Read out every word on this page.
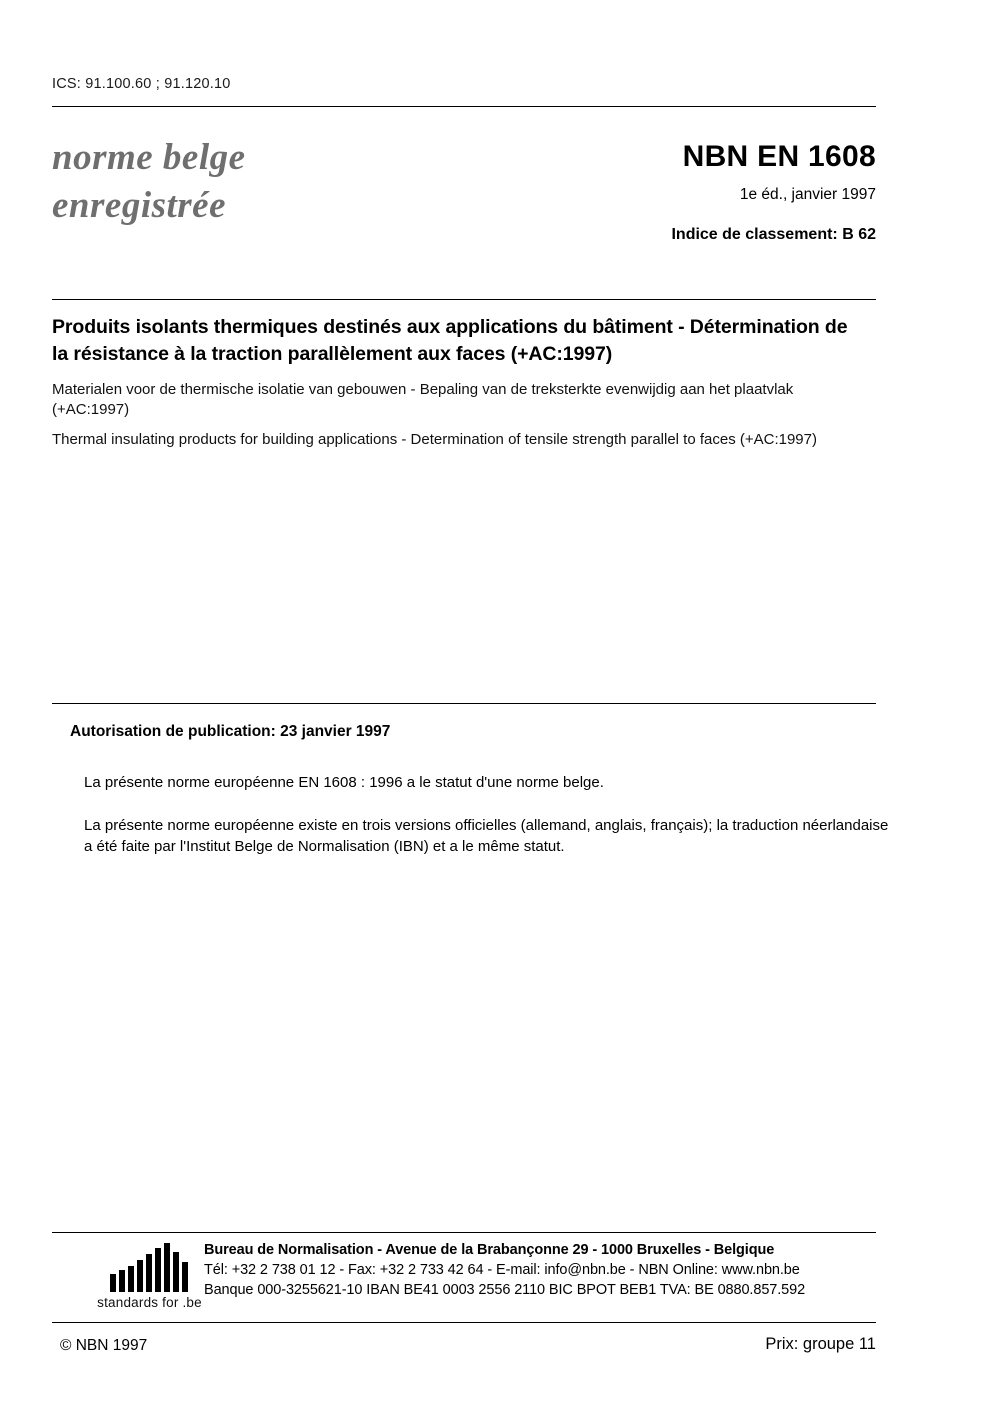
ICS: 91.100.60 ; 91.120.10
norme belge
enregistrée
NBN EN 1608
1e éd., janvier 1997
Indice de classement: B 62

Produits isolants thermiques destinés aux applications du bâtiment - Détermination de la résistance à la traction parallèlement aux faces (+AC:1997)

Materialen voor de thermische isolatie van gebouwen - Bepaling van de treksterkte evenwijdig aan het plaatvlak (+AC:1997)

Thermal insulating products for building applications - Determination of tensile strength parallel to faces (+AC:1997)

Autorisation de publication: 23 janvier 1997
La présente norme européenne EN 1608 : 1996 a le statut d'une norme belge.
La présente norme européenne existe en trois versions officielles (allemand, anglais, français); la traduction néerlandaise a été faite par l'Institut Belge de Normalisation (IBN) et a le même statut.
standards for .be
Bureau de Normalisation - Avenue de la Brabançonne 29 - 1000 Bruxelles - Belgique
Tél: +32 2 738 01 12 - Fax: +32 2 733 42 64 - E-mail: info@nbn.be - NBN Online: www.nbn.be
Banque 000-3255621-10 IBAN BE41 0003 2556 2110 BIC BPOT BEB1 TVA: BE 0880.857.592
© NBN 1997	Prix: groupe 11
